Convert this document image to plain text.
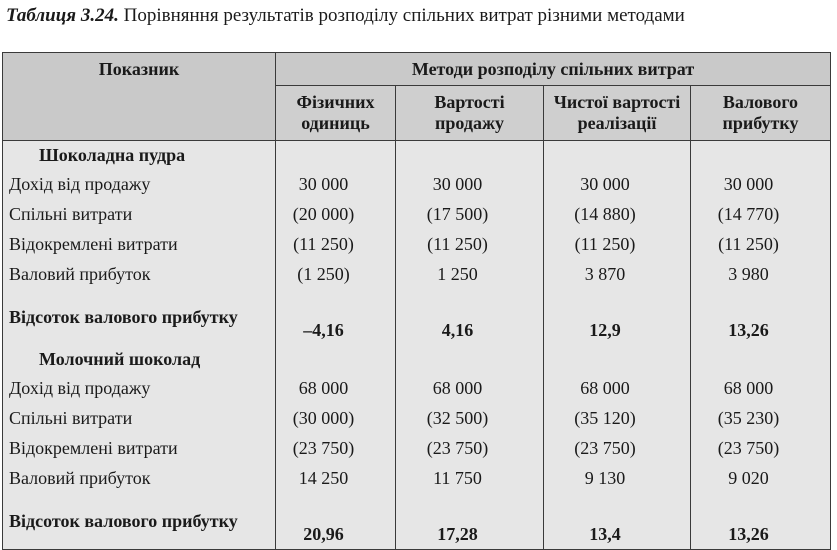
Таблиця 3.24. Порівняння результатів розподілу спільних витрат різними методами
Показник	Методи розподілу спільних витрат			
	Фізичних одиниць	Вартості продажу	Чистої вартості реалізації	Валового прибутку
Шоколадна пудра				
Дохід від продажу	30 000	30 000	30 000	30 000
Спільні витрати	(20 000)	(17 500)	(14 880)	(14 770)
Відокремлені витрати	(11 250)	(11 250)	(11 250)	(11 250)
Валовий прибуток	(1 250)	1 250	3 870	3 980
Відсоток валового прибутку	–4,16	4,16	12,9	13,26
Молочний шоколад				
Дохід від продажу	68 000	68 000	68 000	68 000
Спільні витрати	(30 000)	(32 500)	(35 120)	(35 230)
Відокремлені витрати	(23 750)	(23 750)	(23 750)	(23 750)
Валовий прибуток	14 250	11 750	9 130	9 020
Відсоток валового прибутку	20,96	17,28	13,4	13,26
